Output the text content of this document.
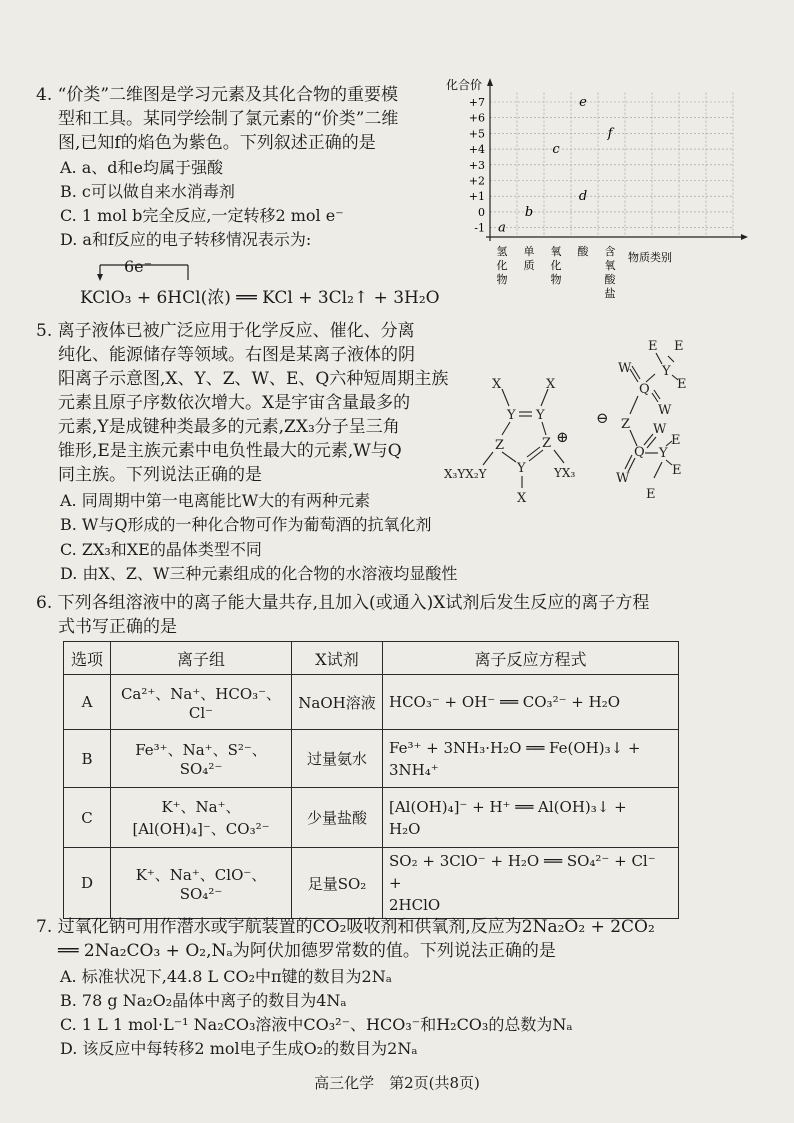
4. “价类”二维图是学习元素及其化合物的重要模
型和工具。某同学绘制了氯元素的“价类”二维
图,已知f的焰色为紫色。下列叙述正确的是
A. a、d和e均属于强酸
B. c可以做自来水消毒剂
C. 1 mol b完全反应,一定转移2 mol e⁻
D. a和f反应的电子转移情况表示为:
6e⁻
KClO₃ + 6HCl(浓) ══ KCl + 3Cl₂↑ + 3H₂O
+7
+6
+5
+4
+3
+2
+1
0
-1
氢化物
单质
氧化物
酸 含氧酸盐
a
b
c
d
e
f
化合价
物质类别
5. 离子液体已被广泛应用于化学反应、催化、分离
纯化、能源储存等领域。右图是某离子液体的阴
阳离子示意图,X、Y、Z、W、E、Q六种短周期主族
元素且原子序数依次增大。X是宇宙含量最多的
元素,Y是成键种类最多的元素,ZX₃分子呈三角
锥形,E是主族元素中电负性最大的元素,W与Q
同主族。下列说法正确的是
A. 同周期中第一电离能比W大的有两种元素
B. W与Q形成的一种化合物可作为葡萄酒的抗氧化剂
C. ZX₃和XE的晶体类型不同
D. 由X、Z、W三种元素组成的化合物的水溶液均显酸性
X	X
Y Y
Z	Z ⊕
Y
X
X₃YX₂Y	YX₃
E E
Y
E
W
Q
W
⊖ Z W
Q Y
E
E
W
E
6. 下列各组溶液中的离子能大量共存,且加入(或通入)X试剂后发生反应的离子方程
式书写正确的是
选项	离子组	X试剂	离子反应方程式
A	Ca²⁺、Na⁺、HCO₃⁻、Cl⁻	NaOH溶液	HCO₃⁻ + OH⁻ ══ CO₃²⁻ + H₂O

B	Fe³⁺、Na⁺、S²⁻、SO₄²⁻	过量氨水	Fe³⁺ + 3NH₃·H₂O ══ Fe(OH)₃↓ +
3NH₄⁺
C	K⁺、Na⁺、[Al(OH)₄]⁻、CO₃²⁻	少量盐酸	[Al(OH)₄]⁻ + H⁺ ══ Al(OH)₃↓ +
H₂O
D	K⁺、Na⁺、ClO⁻、SO₄²⁻	足量SO₂	SO₂ + 3ClO⁻ + H₂O ══ SO₄²⁻ + Cl⁻ +
2HClO
7. 过氧化钠可用作潜水或宇航装置的CO₂吸收剂和供氧剂,反应为2Na₂O₂ + 2CO₂
══ 2Na₂CO₃ + O₂,Nₐ为阿伏加德罗常数的值。下列说法正确的是
A. 标准状况下,44.8 L CO₂中π键的数目为2Nₐ
B. 78 g Na₂O₂晶体中离子的数目为4Nₐ
C. 1 L 1 mol·L⁻¹ Na₂CO₃溶液中CO₃²⁻、HCO₃⁻和H₂CO₃的总数为Nₐ
D. 该反应中每转移2 mol电子生成O₂的数目为2Nₐ
高三化学　第2页(共8页)
